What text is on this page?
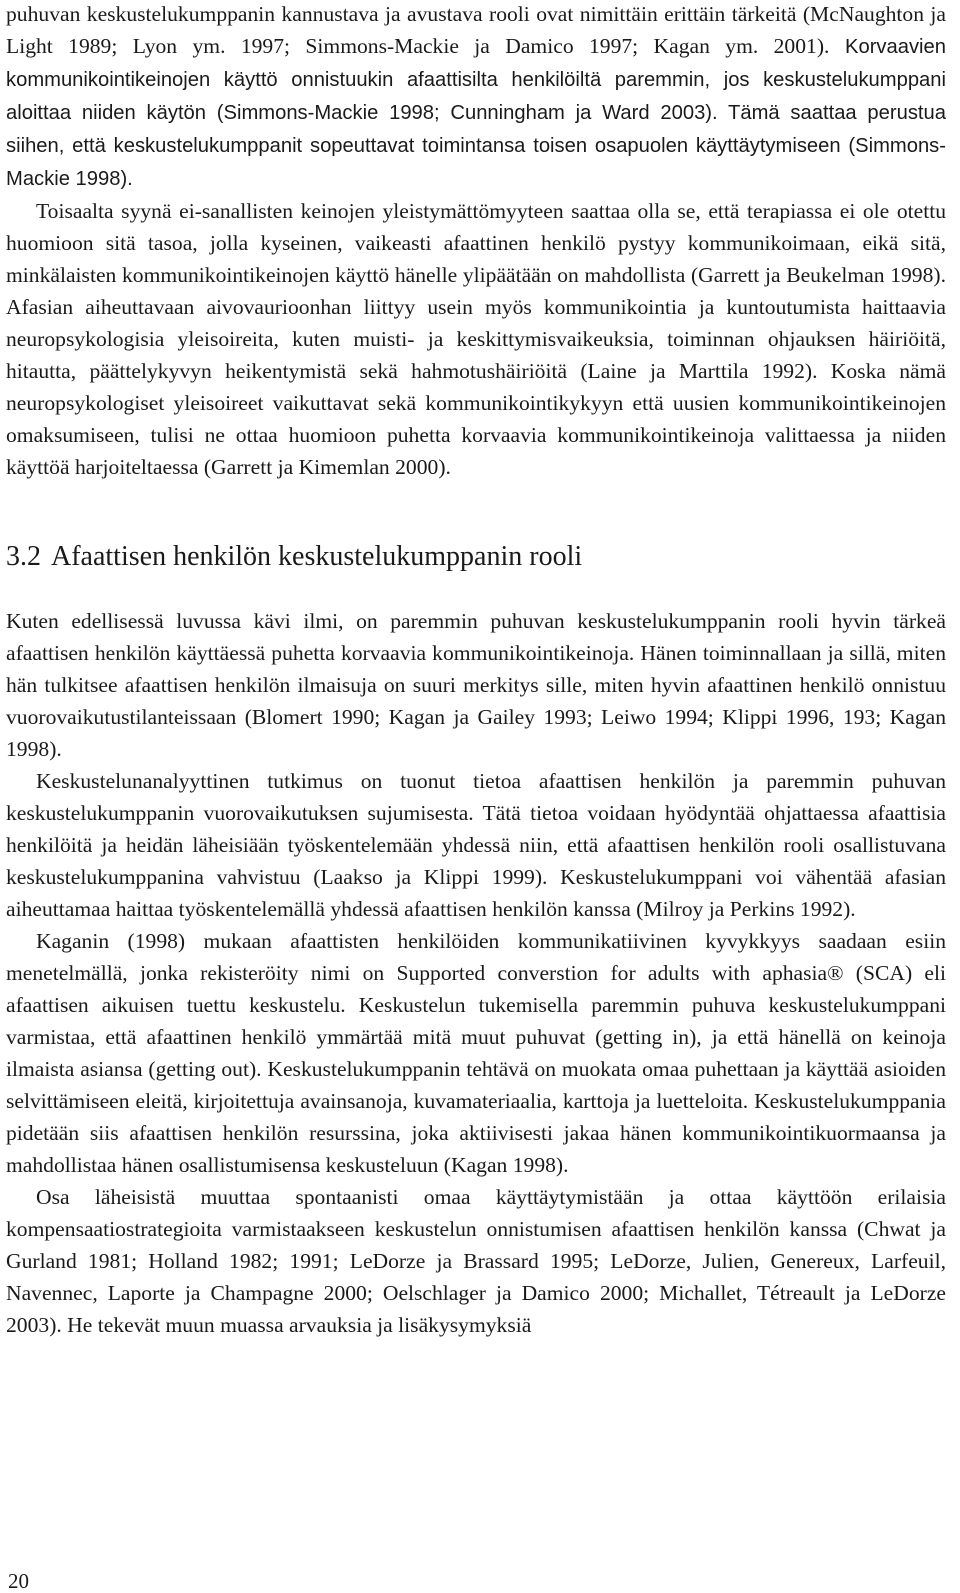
puhuvan keskustelukumppanin kannustava ja avustava rooli ovat nimittäin erittäin tärkeitä (McNaughton ja Light 1989; Lyon ym. 1997; Simmons-Mackie ja Damico 1997; Kagan ym. 2001). Korvaavien kommunikointikeinojen käyttö onnistuukin afaattisilta henkilöiltä paremmin, jos keskustelukumppani aloittaa niiden käytön (Simmons-Mackie 1998; Cunningham ja Ward 2003). Tämä saattaa perustua siihen, että keskustelukumppanit sopeuttavat toimintansa toisen osapuolen käyttäytymiseen (Simmons-Mackie 1998).

Toisaalta syynä ei-sanallisten keinojen yleistymättömyyteen saattaa olla se, että terapiassa ei ole otettu huomioon sitä tasoa, jolla kyseinen, vaikeasti afaattinen henkilö pystyy kommunikoimaan, eikä sitä, minkälaisten kommunikointikeinojen käyttö hänelle ylipäätään on mahdollista (Garrett ja Beukelman 1998). Afasian aiheuttavaan aivovaurioonhan liittyy usein myös kommunikointia ja kuntoutumista haittaavia neuropsykologisia yleisoireita, kuten muisti- ja keskittymisvaikeuksia, toiminnan ohjauksen häiriöitä, hitautta, päättelykyvyn heikentymistä sekä hahmotushäiriöitä (Laine ja Marttila 1992). Koska nämä neuropsykologiset yleisoireet vaikuttavat sekä kommunikointikykyyn että uusien kommunikointikeinojen omaksumiseen, tulisi ne ottaa huomioon puhetta korvaavia kommunikointikeinoja valittaessa ja niiden käyttöä harjoiteltaessa (Garrett ja Kimemlan 2000).

3.2 Afaattisen henkilön keskustelukumppanin rooli

Kuten edellisessä luvussa kävi ilmi, on paremmin puhuvan keskustelukumppanin rooli hyvin tärkeä afaattisen henkilön käyttäessä puhetta korvaavia kommunikointikeinoja. Hänen toiminnallaan ja sillä, miten hän tulkitsee afaattisen henkilön ilmaisuja on suuri merkitys sille, miten hyvin afaattinen henkilö onnistuu vuorovaikutustilanteissaan (Blomert 1990; Kagan ja Gailey 1993; Leiwo 1994; Klippi 1996, 193; Kagan 1998).

Keskustelunanalyyttinen tutkimus on tuonut tietoa afaattisen henkilön ja paremmin puhuvan keskustelukumppanin vuorovaikutuksen sujumisesta. Tätä tietoa voidaan hyödyntää ohjattaessa afaattisia henkilöitä ja heidän läheisiään työskentelemään yhdessä niin, että afaattisen henkilön rooli osallistuvana keskustelukumppanina vahvistuu (Laakso ja Klippi 1999). Keskustelukumppani voi vähentää afasian aiheuttamaa haittaa työskentelemällä yhdessä afaattisen henkilön kanssa (Milroy ja Perkins 1992).

Kaganin (1998) mukaan afaattisten henkilöiden kommunikatiivinen kyvykkyys saadaan esiin menetelmällä, jonka rekisteröity nimi on Supported converstion for adults with aphasia® (SCA) eli afaattisen aikuisen tuettu keskustelu. Keskustelun tukemisella paremmin puhuva keskustelukumppani varmistaa, että afaattinen henkilö ymmärtää mitä muut puhuvat (getting in), ja että hänellä on keinoja ilmaista asiansa (getting out). Keskustelukumppanin tehtävä on muokata omaa puhettaan ja käyttää asioiden selvittämiseen eleitä, kirjoitettuja avainsanoja, kuvamateriaalia, karttoja ja luetteloita. Keskustelukumppania pidetään siis afaattisen henkilön resurssina, joka aktiivisesti jakaa hänen kommunikointikuormaansa ja mahdollistaa hänen osallistumisensa keskusteluun (Kagan 1998).

Osa läheisistä muuttaa spontaanisti omaa käyttäytymistään ja ottaa käyttöön erilaisia kompensaatiostrategioita varmistaakseen keskustelun onnistumisen afaattisen henkilön kanssa (Chwat ja Gurland 1981; Holland 1982; 1991; LeDorze ja Brassard 1995; LeDorze, Julien, Genereux, Larfeuil, Navennec, Laporte ja Champagne 2000; Oelschlager ja Damico 2000; Michallet, Tétreault ja LeDorze 2003). He tekevät muun muassa arvauksia ja lisäkysymyksiä

20
